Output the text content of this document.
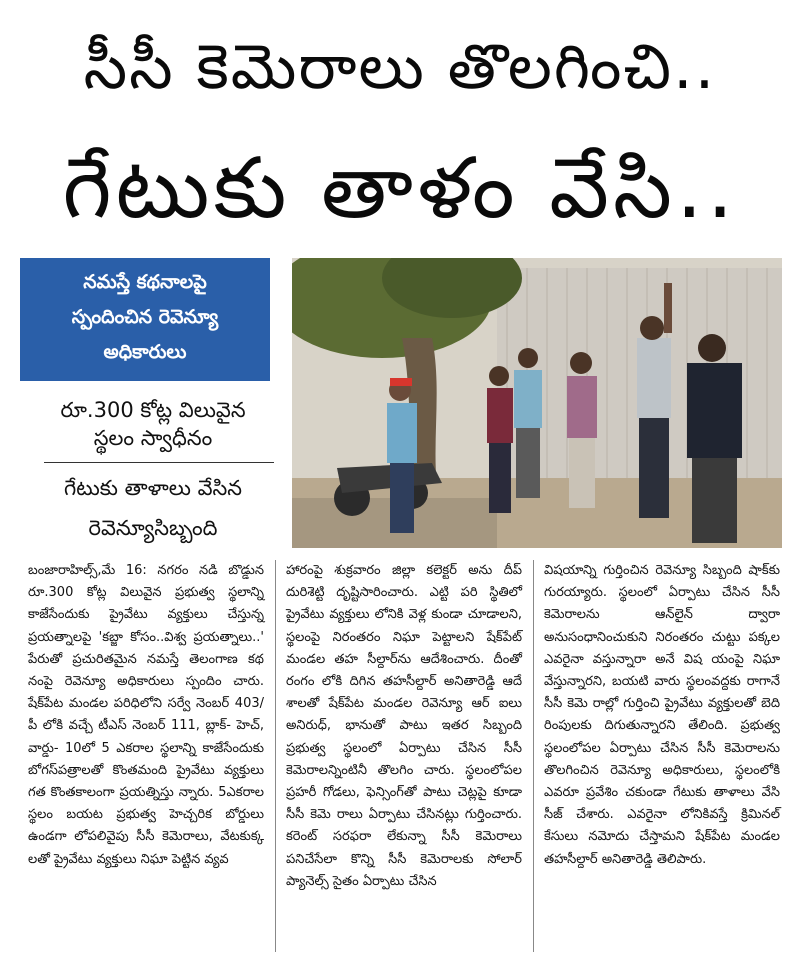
సీసీ కెమెరాలు తొలగించి..
గేటుకు తాళం వేసి..
నమస్తే కథనాలపై
స్పందించిన రెవెన్యూ
అధికారులు
రూ.300 కోట్ల విలువైన
స్థలం స్వాధీనం
గేటుకు తాళాలు వేసిన
రెవెన్యూసిబ్బంది
బంజారాహిల్స్‌,మే 16: నగరం నడి బొడ్డున రూ.300 కోట్ల విలువైన ప్రభుత్వ స్థలాన్ని కాజేసేందుకు ప్రైవేటు వ్యక్తులు చేస్తున్న ప్రయత్నాలపై 'కబ్జా కోసం..విశ్వ ప్రయత్నాలు..' పేరుతో ప్రచురితమైన నమస్తే తెలంగాణ కథ నంపై రెవెన్యూ అధికారులు స్పందిం చారు. షేక్‌పేట మండల పరిధిలోని సర్వే నెంబర్‌ 403/పీ లోకి వచ్చే టీఎస్‌ నెంబర్‌ 111, బ్లాక్‌- హెచ్‌, వార్డు- 10లో 5 ఎకరాల స్థలాన్ని కాజేసేందుకు బోగస్‌పత్రాలతో కొంతమంది ప్రైవేటు వ్యక్తులు గత కొంతకాలంగా ప్రయత్నిస్తు న్నారు. 5ఎకరాల స్థలం బయట ప్రభుత్వ హెచ్చరిక బోర్డులు ఉండగా లోపలివైపు సీసీ కెమెరాలు, వేటకుక్క లతో ప్రైవేటు వ్యక్తులు నిఘా పెట్టిన వ్యవ
హారంపై శుక్రవారం జిల్లా కలెక్టర్‌ అను దీప్‌ దురిశెట్టి దృష్టిసారించారు. ఎట్టి పరి స్థితిలో ప్రైవేటు వ్యక్తులు లోనికి వెళ్ల కుండా చూడాలని, స్థలంపై నిరంతరం నిఘా పెట్టాలని షేక్‌పేట్‌ మండల తహ సీల్దార్‌ను ఆదేశించారు. దీంతో రంగం లోకి దిగిన తహసీల్దార్‌ అనితారెడ్డి ఆదే శాలతో షేక్‌పేట మండల రెవెన్యూ ఆర్‌ ఐలు అనిరుధ్‌, భానుతో పాటు ఇతర సిబ్బంది ప్రభుత్వ స్థలంలో ఏర్పాటు చేసిన సీసీ కెమెరాలన్నింటినీ తొలగిం చారు. స్థలంలోపల ప్రహరీ గోడలు, ఫెన్సింగ్‌తో పాటు చెట్లపై కూడా సీసీ కెమె రాలు ఏర్పాటు చేసినట్లు గుర్తించారు. కరెంట్‌ సరఫరా లేకున్నా సీసీ కెమెరాలు పనిచేసేలా కొన్ని సీసీ కెమెరాలకు సోలార్‌ ప్యానెల్స్‌ సైతం ఏర్పాటు చేసిన
విషయాన్ని గుర్తించిన రెవెన్యూ సిబ్బంది షాక్‌కు గురయ్యారు. స్థలంలో ఏర్పాటు చేసిన సీసీ కెమెరాలను ఆన్‌లైన్‌ ద్వారా అనుసంధానించుకుని నిరంతరం చుట్టు పక్కల ఎవరైనా వస్తున్నారా అనే విష యంపై నిఘా వేస్తున్నారని, బయటి వారు స్థలంవద్దకు రాగానే సీసీ కెమె రాల్లో గుర్తించి ప్రైవేటు వ్యక్తులతో బెది రింపులకు దిగుతున్నారని తేలింది. ప్రభుత్వ స్థలంలోపల ఏర్పాటు చేసిన సీసీ కెమెరాలను తొలగించిన రెవెన్యూ అధికారులు, స్థలంలోకి ఎవరూ ప్రవేశిం చకుండా గేటుకు తాళాలు వేసి సీజ్‌ చేశారు. ఎవరైనా లోనికివస్తే క్రిమినల్‌ కేసులు నమోదు చేస్తామని షేక్‌పేట మండల తహసీల్దార్‌ అనితారెడ్డి తెలిపారు.
